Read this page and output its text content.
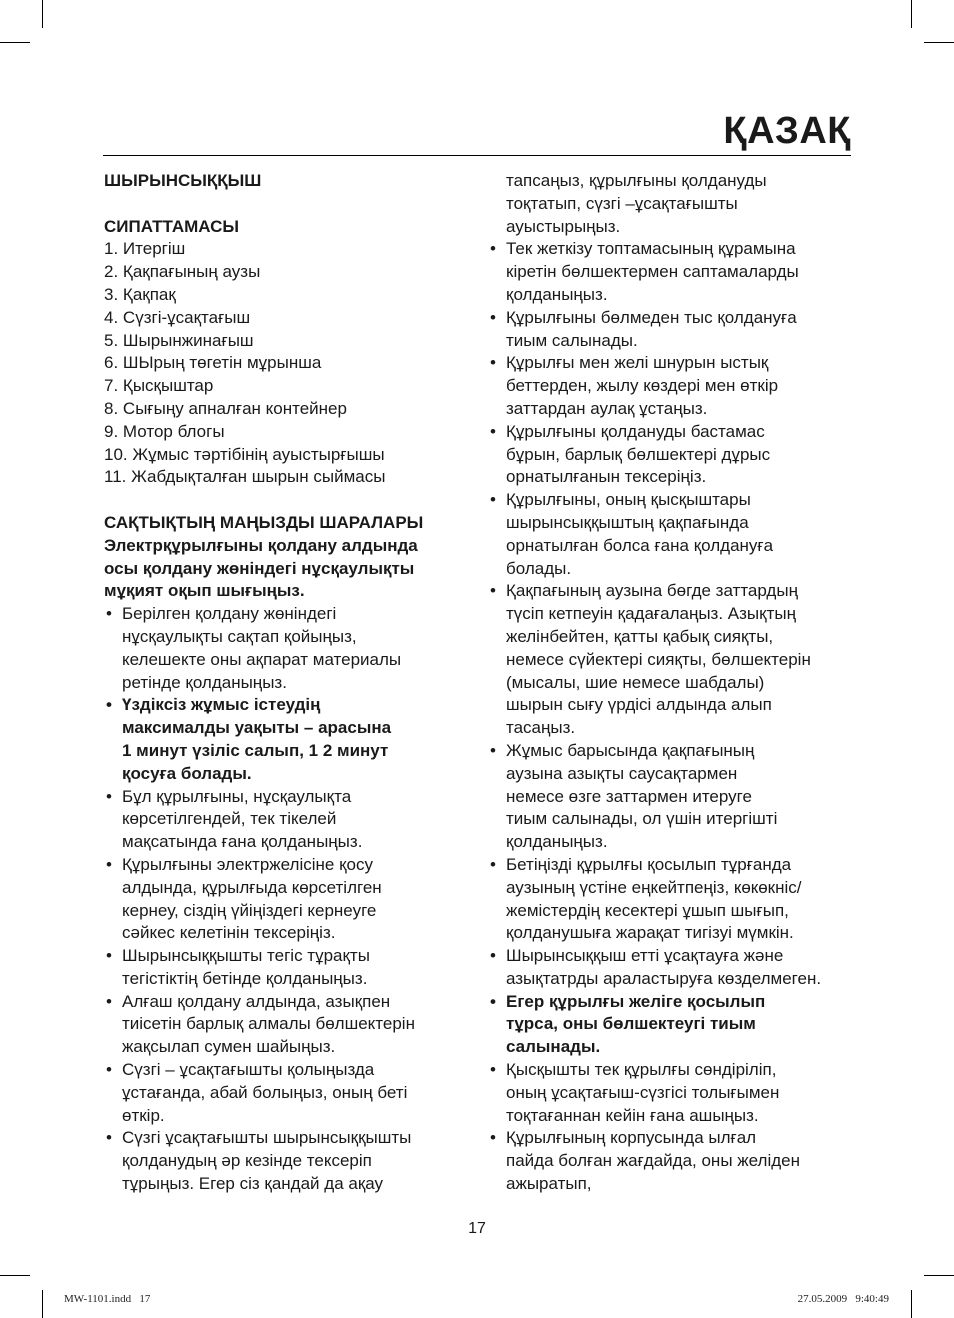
ҚАЗАҚ

ШЫРЫНСЫҚҚЫШ

СИПАТТАМАСЫ

1. Итергіш
2. Қақпағының аузы
3. Қақпақ
4. Сүзгі-ұсақтағыш
5. Шырынжинағыш
6. ШЫрың төгетін мұрынша
7. Қысқыштар
8. Сығыңу апналған контейнер
9. Мотор блогы
10. Жұмыс тәртібінің ауыстырғышы
11. Жабдықталған шырын сыймасы

САҚТЫҚТЫҢ МАҢЫЗДЫ ШАРАЛАРЫ

Электрқұрылғыны қолдану алдында
осы қолдану жөніндегі нұсқаулықты
мұқият оқып шығыңыз.
• Берілген қолдану жөніндегі
нұсқаулықты сақтап қойыңыз,
келешекте оны ақпарат материалы
ретінде қолданыңыз.
• Үздіксіз жұмыс істеудің
максималды уақыты – арасына
1 минут үзіліс салып, 1 2 минут
қосуға болады.
• Бұл құрылғыны, нұсқаулықта
көрсетілгендей, тек тікелей
мақсатында ғана қолданыңыз.
• Құрылғыны электржелісіне қосу
алдында, құрылғыда көрсетілген
кернеу, сіздің үйіңіздегі кернеуге
сәйкес келетінін тексеріңіз.
• Шырынсыққышты тегіс тұрақты
тегістіктің бетінде қолданыңыз.
• Алғаш қолдану алдында, азықпен
тиісетін барлық алмалы бөлшектерін
жақсылап сумен шайыңыз.
• Сүзгі – ұсақтағышты қолыңызда
ұстағанда, абай болыңыз, оның беті
өткір.
• Сүзгі ұсақтағышты шырынсыққышты
қолданудың әр кезінде тексеріп
тұрыңыз. Егер сіз қандай да ақау
тапсаңыз, құрылғыны қолдануды
тоқтатып, сүзгі –ұсақтағышты
ауыстырыңыз.
• Тек жеткізу топтамасының құрамына
кіретін бөлшектермен саптамаларды
қолданыңыз.
• Құрылғыны бөлмеден тыс қолдануға
тиым салынады.
• Құрылғы мен желі шнурын ыстық
беттерден, жылу көздері мен өткір
заттардан аулақ ұстаңыз.
• Құрылғыны қолдануды бастамас
бұрын, барлық бөлшектері дұрыс
орнатылғанын тексеріңіз.
• Құрылғыны, оның қысқыштары
шырынсыққыштың қақпағында
орнатылған болса ғана қолдануға
болады.
• Қақпағының аузына бөгде заттардың
түсіп кетпеуін қадағалаңыз. Азықтың
желінбейтен, қатты қабық сияқты,
немесе сүйектері сияқты, бөлшектерін
(мысалы, шие немесе шабдалы)
шырын сығу үрдісі алдында алып
тасаңыз.
• Жұмыс барысында қақпағының
аузына азықты саусақтармен
немесе өзге заттармен итеруге
тиым салынады, ол үшін итергішті
қолданыңыз.
• Бетіңізді құрылғы қосылып тұрғанда
аузының үстіне еңкейтпеңіз, көкөкніс/
жемістердің кесектері ұшып шығып,
қолданушыға жарақат тигізуі мүмкін.
• Шырынсыққыш етті ұсақтауға және
азықтатрды араластыруға көзделмеген.
• Егер құрылғы желіге қосылып
тұрса, оны бөлшектеугі тиым
салынады.
• Қысқышты тек құрылғы сөндіріліп,
оның ұсақтағыш-сүзгісі толығымен
тоқтағаннан кейін ғана ашыңыз.
• Құрылғының корпусында ылғал
пайда болған жағдайда, оны желіден
ажыратып,
17
MW-1101.indd   17	27.05.2009   9:40:49
